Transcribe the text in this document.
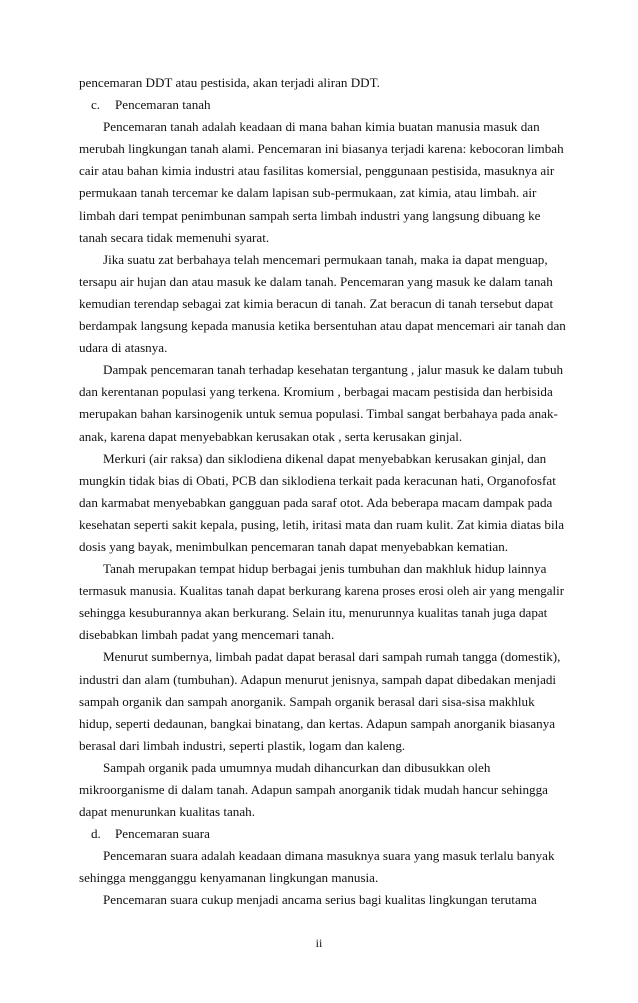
pencemaran DDT atau pestisida, akan terjadi aliran DDT.
c. Pencemaran tanah
Pencemaran tanah adalah keadaan di mana bahan kimia buatan manusia masuk dan
merubah lingkungan tanah alami. Pencemaran ini biasanya terjadi karena: kebocoran limbah
cair atau bahan kimia industri atau fasilitas komersial, penggunaan pestisida, masuknya air
permukaan tanah tercemar ke dalam lapisan sub-permukaan, zat kimia, atau limbah. air
limbah dari tempat penimbunan sampah serta limbah industri yang langsung dibuang ke
tanah secara tidak memenuhi syarat.
Jika suatu zat berbahaya telah mencemari permukaan tanah, maka ia dapat menguap,
tersapu air hujan dan atau masuk ke dalam tanah. Pencemaran yang masuk ke dalam tanah
kemudian terendap sebagai zat kimia beracun di tanah. Zat beracun di tanah tersebut dapat
berdampak langsung kepada manusia ketika bersentuhan atau dapat mencemari air tanah dan
udara di atasnya.
Dampak pencemaran tanah terhadap kesehatan tergantung , jalur masuk ke dalam tubuh
dan kerentanan populasi yang terkena. Kromium , berbagai macam pestisida dan herbisida
merupakan bahan karsinogenik untuk semua populasi. Timbal sangat berbahaya pada anak-
anak, karena dapat menyebabkan kerusakan otak , serta kerusakan ginjal.
Merkuri (air raksa) dan siklodiena dikenal dapat menyebabkan kerusakan ginjal, dan
mungkin tidak bias di Obati, PCB dan siklodiena terkait pada keracunan hati, Organofosfat
dan karmabat menyebabkan gangguan pada saraf otot. Ada beberapa macam dampak pada
kesehatan seperti sakit kepala, pusing, letih, iritasi mata dan ruam kulit. Zat kimia diatas bila
dosis yang bayak, menimbulkan pencemaran tanah dapat menyebabkan kematian.
Tanah merupakan tempat hidup berbagai jenis tumbuhan dan makhluk hidup lainnya
termasuk manusia. Kualitas tanah dapat berkurang karena proses erosi oleh air yang mengalir
sehingga kesuburannya akan berkurang. Selain itu, menurunnya kualitas tanah juga dapat
disebabkan limbah padat yang mencemari tanah.
Menurut sumbernya, limbah padat dapat berasal dari sampah rumah tangga (domestik),
industri dan alam (tumbuhan). Adapun menurut jenisnya, sampah dapat dibedakan menjadi
sampah organik dan sampah anorganik. Sampah organik berasal dari sisa-sisa makhluk
hidup, seperti dedaunan, bangkai binatang, dan kertas. Adapun sampah anorganik biasanya
berasal dari limbah industri, seperti plastik, logam dan kaleng.
Sampah organik pada umumnya mudah dihancurkan dan dibusukkan oleh
mikroorganisme di dalam tanah. Adapun sampah anorganik tidak mudah hancur sehingga
dapat menurunkan kualitas tanah.
d. Pencemaran suara
Pencemaran suara adalah keadaan dimana masuknya suara yang masuk terlalu banyak
sehingga mengganggu kenyamanan lingkungan manusia.
Pencemaran suara cukup menjadi ancama serius bagi kualitas lingkungan terutama
ii
